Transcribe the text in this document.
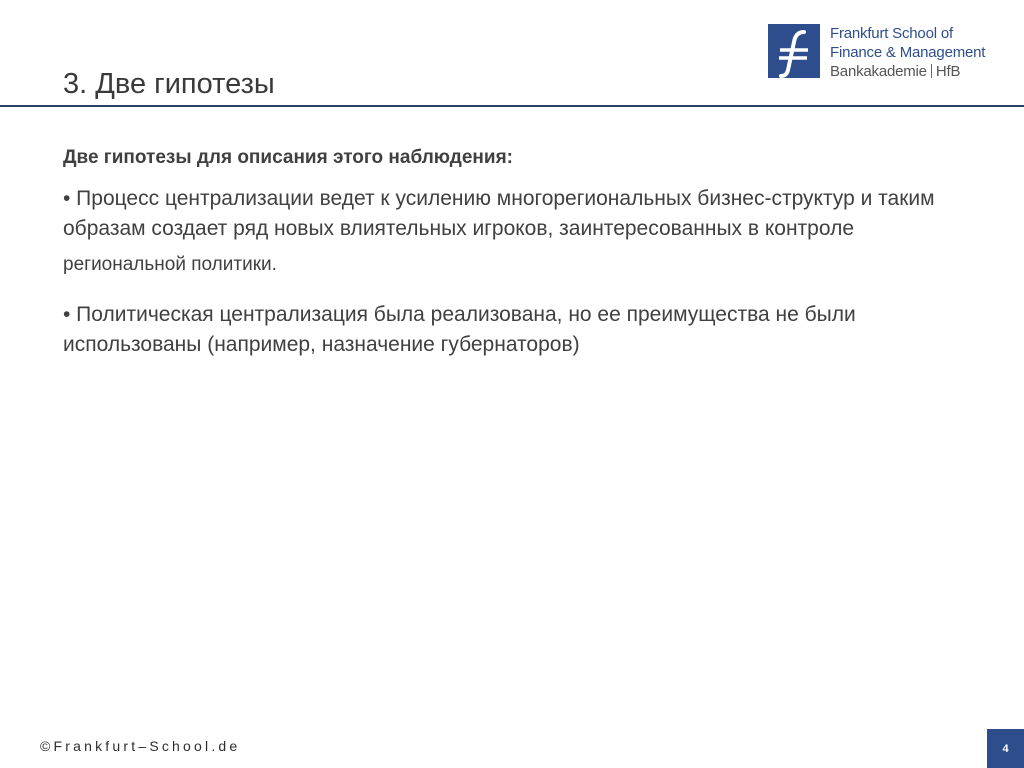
3. Две гипотезы
Frankfurt School of
Finance & Management
Bankakademie HfB
Две гипотезы для описания этого наблюдения:
• Процесс централизации ведет к усилению многорегиональных бизнес-структур и таким образам создает ряд новых влиятельных игроков, заинтересованных в контроле
региональной политики.
• Политическая централизация была реализована, но ее преимущества не были использованы (например, назначение губернаторов)
©Frankfurt–School.de	4
